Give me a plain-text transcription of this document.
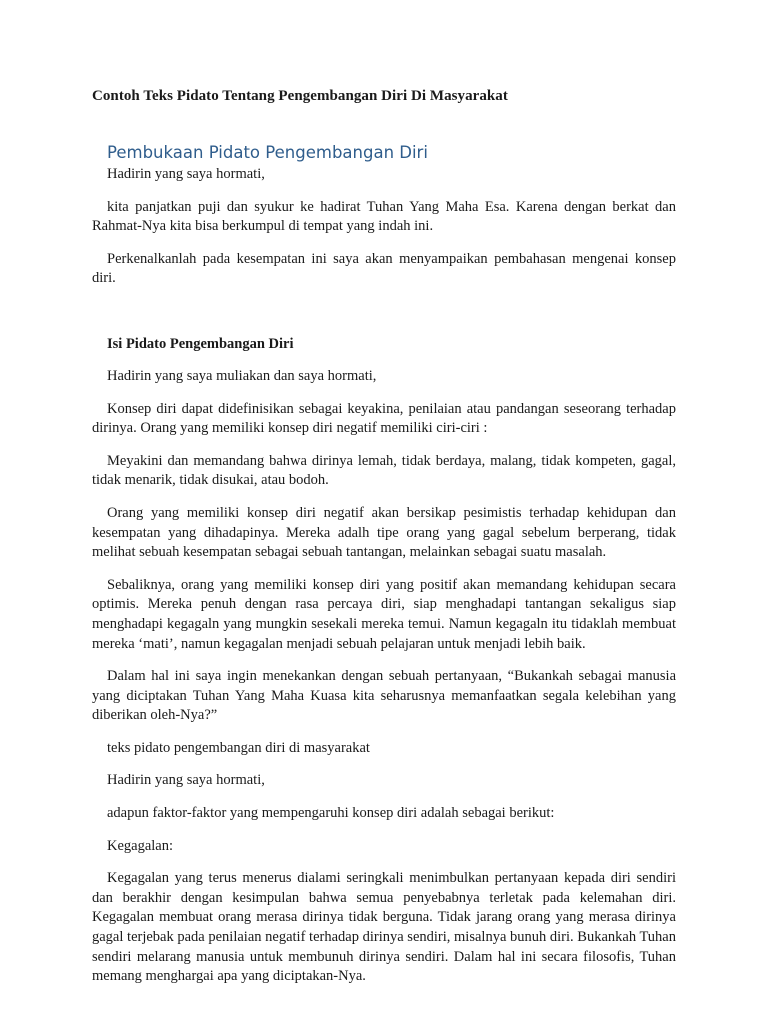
Contoh Teks Pidato Tentang Pengembangan Diri Di Masyarakat
Pembukaan Pidato Pengembangan Diri

Hadirin yang saya hormati,

kita panjatkan puji dan syukur ke hadirat Tuhan Yang Maha Esa. Karena dengan berkat dan Rahmat-Nya kita bisa berkumpul di tempat yang indah ini.

Perkenalkanlah pada kesempatan ini saya akan menyampaikan pembahasan mengenai konsep diri.

Isi Pidato Pengembangan Diri

Hadirin yang saya muliakan dan saya hormati,

Konsep diri dapat didefinisikan sebagai keyakina, penilaian atau pandangan seseorang terhadap dirinya. Orang yang memiliki konsep diri negatif memiliki ciri-ciri :

Meyakini dan memandang bahwa dirinya lemah, tidak berdaya, malang, tidak kompeten, gagal, tidak menarik, tidak disukai, atau bodoh.

Orang yang memiliki konsep diri negatif akan bersikap pesimistis terhadap kehidupan dan kesempatan yang dihadapinya. Mereka adalh tipe orang yang gagal sebelum berperang, tidak melihat sebuah kesempatan sebagai sebuah tantangan, melainkan sebagai suatu masalah.

Sebaliknya, orang yang memiliki konsep diri yang positif akan memandang kehidupan secara optimis. Mereka penuh dengan rasa percaya diri, siap menghadapi tantangan sekaligus siap menghadapi kegagaln yang mungkin sesekali mereka temui. Namun kegagaln itu tidaklah membuat mereka ‘mati’, namun kegagalan menjadi sebuah pelajaran untuk menjadi lebih baik.

Dalam hal ini saya ingin menekankan dengan sebuah pertanyaan, “Bukankah sebagai manusia yang diciptakan Tuhan Yang Maha Kuasa kita seharusnya memanfaatkan segala kelebihan yang diberikan oleh-Nya?”

teks pidato pengembangan diri di masyarakat

Hadirin yang saya hormati,

adapun faktor-faktor yang mempengaruhi konsep diri adalah sebagai berikut:

Kegagalan:

Kegagalan yang terus menerus dialami seringkali menimbulkan pertanyaan kepada diri sendiri dan berakhir dengan kesimpulan bahwa semua penyebabnya terletak pada kelemahan diri. Kegagalan membuat orang merasa dirinya tidak berguna. Tidak jarang orang yang merasa dirinya gagal terjebak pada penilaian negatif terhadap dirinya sendiri, misalnya bunuh diri. Bukankah Tuhan sendiri melarang manusia untuk membunuh dirinya sendiri. Dalam hal ini secara filosofis, Tuhan memang menghargai apa yang diciptakan-Nya.
